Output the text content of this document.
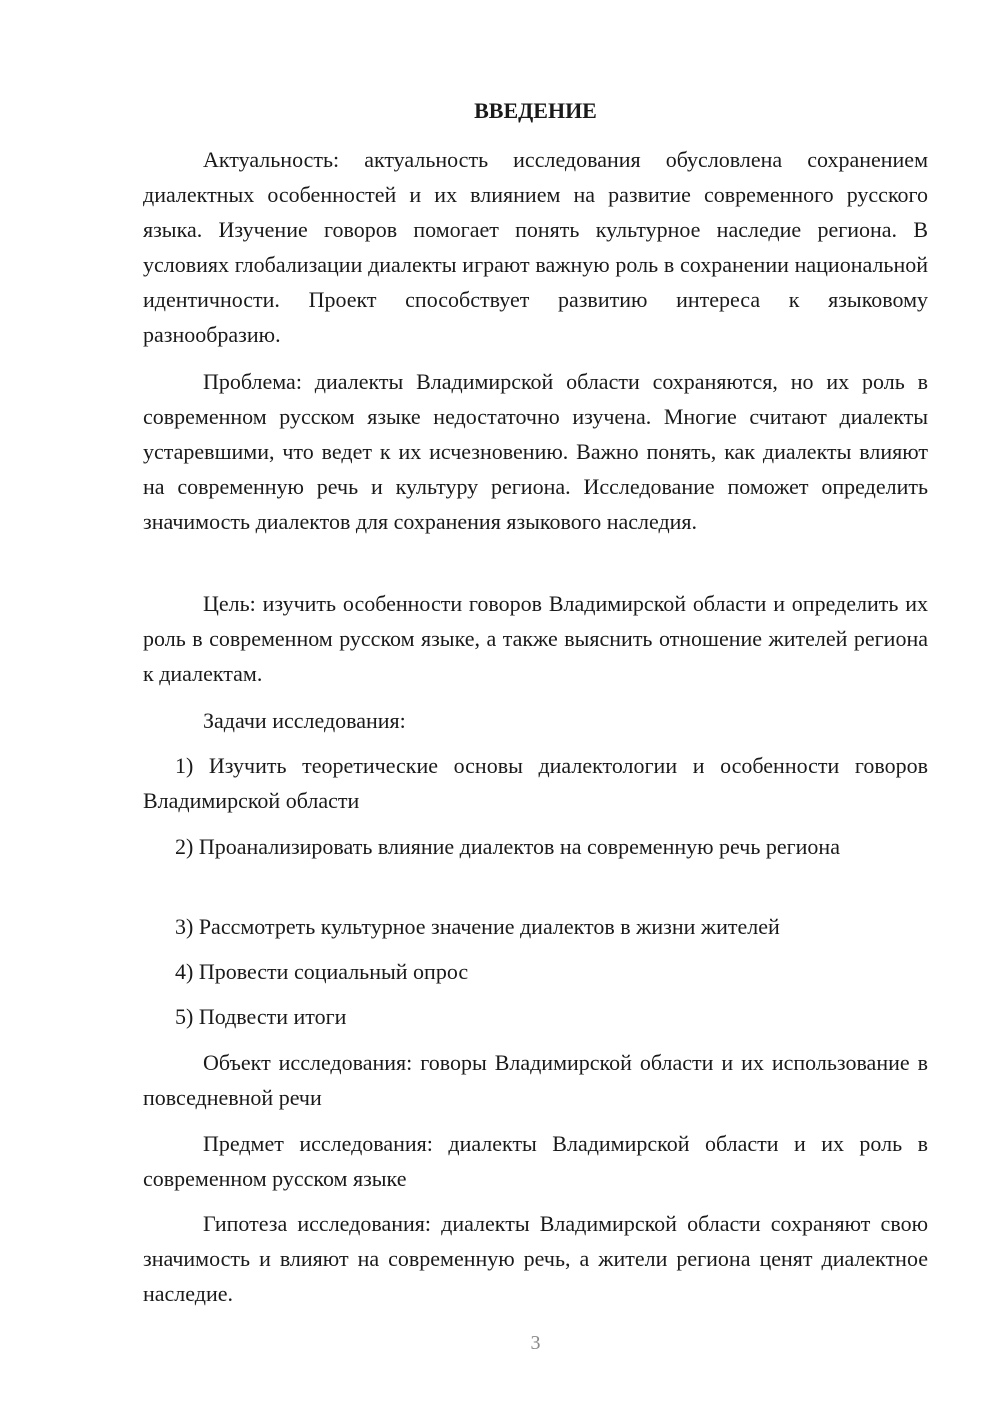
ВВЕДЕНИЕ

Актуальность: актуальность исследования обусловлена сохранением диалектных особенностей и их влиянием на развитие современного русского языка. Изучение говоров помогает понять культурное наследие региона. В условиях глобализации диалекты играют важную роль в сохранении национальной идентичности. Проект способствует развитию интереса к языковому разнообразию.

Проблема: диалекты Владимирской области сохраняются, но их роль в современном русском языке недостаточно изучена. Многие считают диалекты устаревшими, что ведет к их исчезновению. Важно понять, как диалекты влияют на современную речь и культуру региона. Исследование поможет определить значимость диалектов для сохранения языкового наследия.

Цель: изучить особенности говоров Владимирской области и определить их роль в современном русском языке, а также выяснить отношение жителей региона к диалектам.

Задачи исследования:

1) Изучить теоретические основы диалектологии и особенности говоров Владимирской области

2) Проанализировать влияние диалектов на современную речь региона

3) Рассмотреть культурное значение диалектов в жизни жителей

4) Провести социальный опрос

5) Подвести итоги

Объект исследования: говоры Владимирской области и их использование в повседневной речи

Предмет исследования: диалекты Владимирской области и их роль в современном русском языке

Гипотеза исследования: диалекты Владимирской области сохраняют свою значимость и влияют на современную речь, а жители региона ценят диалектное наследие.

3
